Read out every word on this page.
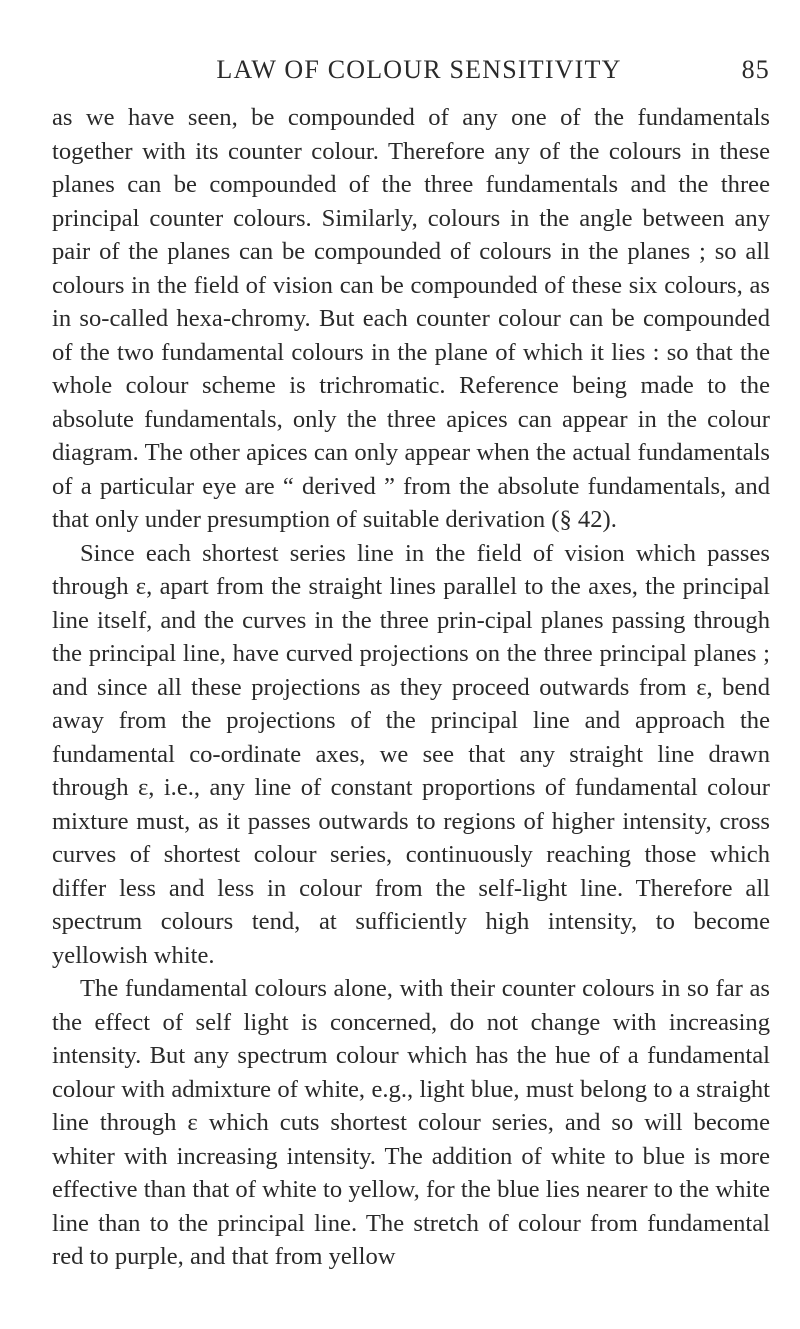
LAW OF COLOUR SENSITIVITY	85

as we have seen, be compounded of any one of the fundamentals together with its counter colour. Therefore any of the colours in these planes can be compounded of the three fundamentals and the three principal counter colours. Similarly, colours in the angle between any pair of the planes can be compounded of colours in the planes ; so all colours in the field of vision can be compounded of these six colours, as in so-called hexa-chromy. But each counter colour can be compounded of the two fundamental colours in the plane of which it lies : so that the whole colour scheme is trichromatic. Reference being made to the absolute fundamentals, only the three apices can appear in the colour diagram. The other apices can only appear when the actual fundamentals of a particular eye are “ derived ” from the absolute fundamentals, and that only under presumption of suitable derivation (§ 42).

Since each shortest series line in the field of vision which passes through ε, apart from the straight lines parallel to the axes, the principal line itself, and the curves in the three prin-cipal planes passing through the principal line, have curved projections on the three principal planes ; and since all these projections as they proceed outwards from ε, bend away from the projections of the principal line and approach the fundamental co-ordinate axes, we see that any straight line drawn through ε, i.e., any line of constant proportions of fundamental colour mixture must, as it passes outwards to regions of higher intensity, cross curves of shortest colour series, continuously reaching those which differ less and less in colour from the self-light line. Therefore all spectrum colours tend, at sufficiently high intensity, to become yellowish white.

The fundamental colours alone, with their counter colours in so far as the effect of self light is concerned, do not change with increasing intensity. But any spectrum colour which has the hue of a fundamental colour with admixture of white, e.g., light blue, must belong to a straight line through ε which cuts shortest colour series, and so will become whiter with increasing intensity. The addition of white to blue is more effective than that of white to yellow, for the blue lies nearer to the white line than to the principal line. The stretch of colour from fundamental red to purple, and that from yellow
